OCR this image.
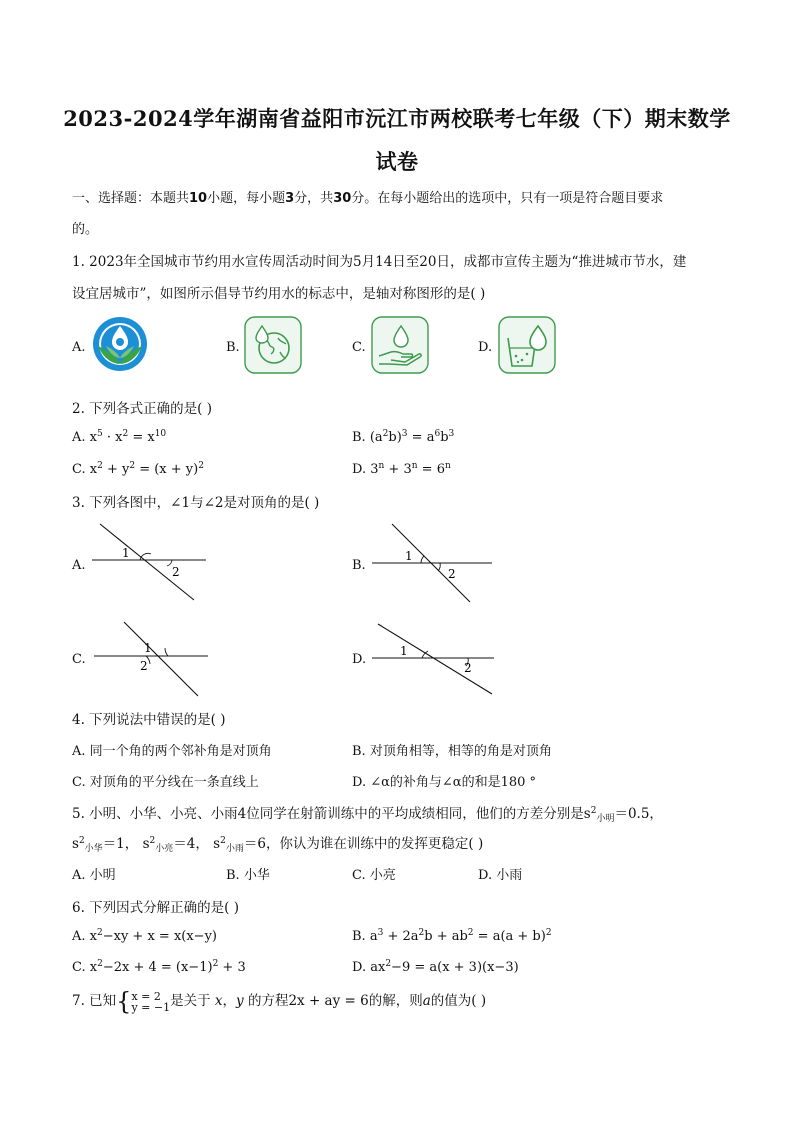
2023-2024学年湖南省益阳市沅江市两校联考七年级（下）期末数学
试卷
一、选择题：本题共10小题，每小题3分，共30分。在每小题给出的选项中，只有一项是符合题目要求
的。
1. 2023年全国城市节约用水宣传周活动时间为5月14日至20日，成都市宣传主题为“推进城市节水，建
设宜居城市”，如图所示倡导节约用水的标志中，是轴对称图形的是( )
A.	B.	C.	D.
2. 下列各式正确的是( )
A. $x^5 \cdot x^2 = x^{10}$	B. $(a^2b)^3 = a^6b^3$
C. $x^2 + y^2 = (x + y)^2$	D. $3^n + 3^n = 6^n$
3. 下列各图中，∠1与∠2是对顶角的是( )
A.
1
2	B.
1
2
C.
1
2	D.
1
2
4. 下列说法中错误的是( )
A. 同一个角的两个邻补角是对顶角	B. 对顶角相等，相等的角是对顶角
C. 对顶角的平分线在一条直线上	D. ∠α的补角与∠α的和是180 °
5. 小明、小华、小亮、小雨4位同学在射箭训练中的平均成绩相同，他们的方差分别是$s^2_{小明}=0.5$，
$s^2_{小华}=1$， $s^2_{小亮}=4$， $s^2_{小雨}=6$，你认为谁在训练中的发挥更稳定( )
A. 小明	B. 小华	C. 小亮	D. 小雨
6. 下列因式分解正确的是( )
A. $x^2-xy + x = x(x-y)$	B. $a^3 + 2a^2b + ab^2 = a(a + b)^2$
C. $x^2-2x + 4 = (x-1)^2 + 3$	D. $ax^2-9 = a(x + 3)(x-3)$
7. 已知{x = 2
y = −1是关于 x，y 的方程2x + ay = 6的解，则a的值为( )
